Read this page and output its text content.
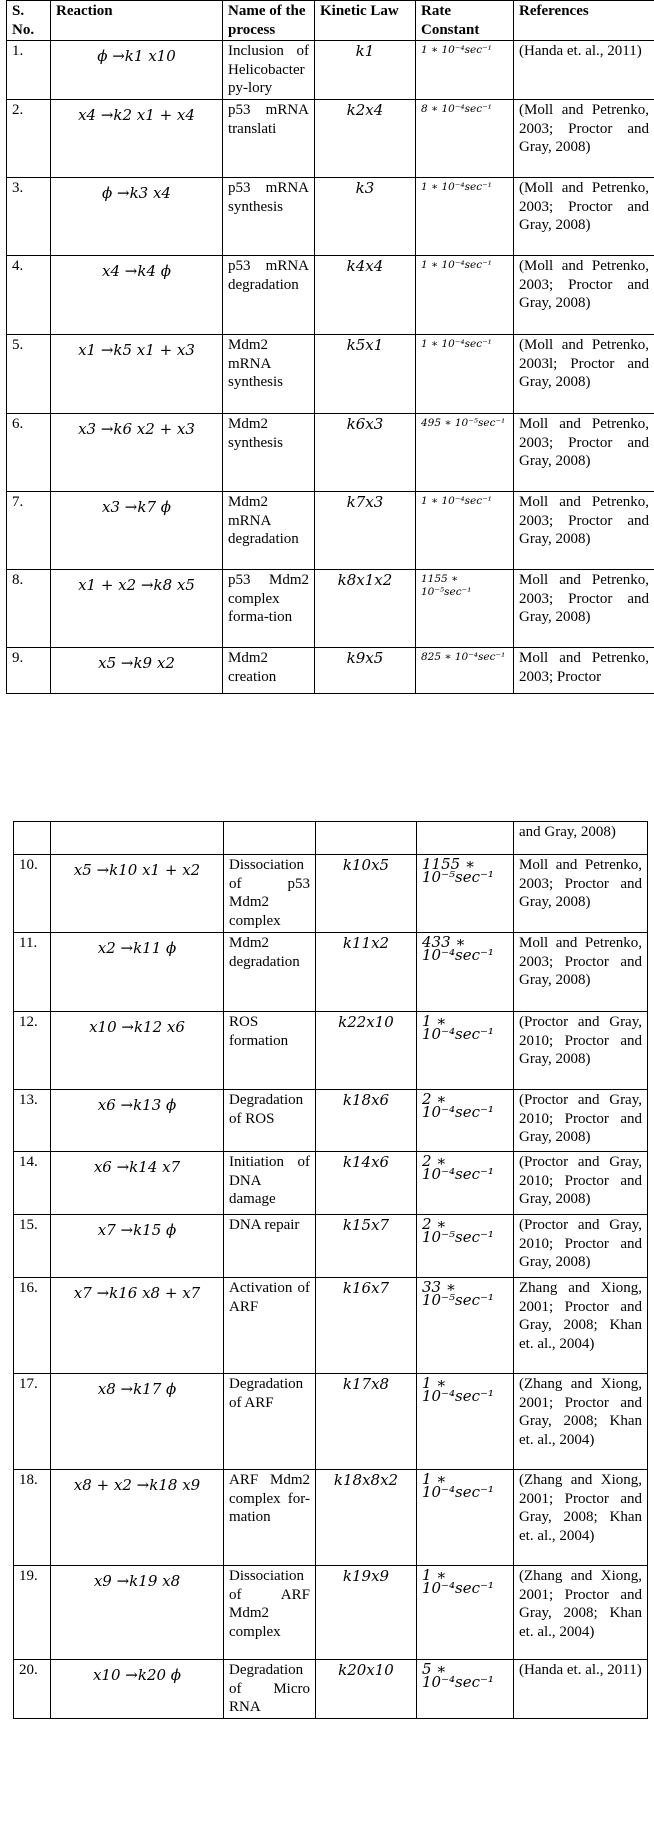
S. No.	Reaction	Name of the process	Kinetic Law	Rate Constant	References
1.	ϕ →k1 x10	Inclusion of Helicobacter py-lory	k1	1 ∗ 10⁻⁴sec⁻¹	(Handa et. al., 2011)
2.	x4 →k2 x1 + x4	p53 mRNA translati	k2x4	8 ∗ 10⁻⁴sec⁻¹	(Moll and Petrenko, 2003; Proctor and Gray, 2008)
3.	ϕ →k3 x4	p53 mRNA synthesis	k3	1 ∗ 10⁻⁴sec⁻¹	(Moll and Petrenko, 2003; Proctor and Gray, 2008)
4.	x4 →k4 ϕ	p53 mRNA degradation	k4x4	1 ∗ 10⁻⁴sec⁻¹	(Moll and Petrenko, 2003; Proctor and Gray, 2008)
5.	x1 →k5 x1 + x3	Mdm2 mRNA synthesis	k5x1	1 ∗ 10⁻⁴sec⁻¹	(Moll and Petrenko, 2003l; Proctor and Gray, 2008)
6.	x3 →k6 x2 + x3	Mdm2 synthesis	k6x3	495 ∗ 10⁻⁵sec⁻¹	Moll and Petrenko, 2003; Proctor and Gray, 2008)
7.	x3 →k7 ϕ	Mdm2 mRNA degradation	k7x3	1 ∗ 10⁻⁴sec⁻¹	Moll and Petrenko, 2003; Proctor and Gray, 2008)
8.	x1 + x2 →k8 x5	p53 Mdm2 complex forma-tion	k8x1x2	1155 ∗ 10⁻⁵sec⁻¹	Moll and Petrenko, 2003; Proctor and Gray, 2008)
9.	x5 →k9 x2	Mdm2 creation	k9x5	825 ∗ 10⁻⁴sec⁻¹	Moll and Petrenko, 2003; Proctor
					and Gray, 2008)
10.	x5 →k10 x1 + x2	Dissociation of p53 Mdm2 complex	k10x5	1155 ∗ 10⁻⁵sec⁻¹	Moll and Petrenko, 2003; Proctor and Gray, 2008)
11.	x2 →k11 ϕ	Mdm2 degradation	k11x2	433 ∗ 10⁻⁴sec⁻¹	Moll and Petrenko, 2003; Proctor and Gray, 2008)
12.	x10 →k12 x6	ROS formation	k22x10	1 ∗ 10⁻⁴sec⁻¹	(Proctor and Gray, 2010; Proctor and Gray, 2008)
13.	x6 →k13 ϕ	Degradation of ROS	k18x6	2 ∗ 10⁻⁴sec⁻¹	(Proctor and Gray, 2010; Proctor and Gray, 2008)
14.	x6 →k14 x7	Initiation of DNA damage	k14x6	2 ∗ 10⁻⁴sec⁻¹	(Proctor and Gray, 2010; Proctor and Gray, 2008)
15.	x7 →k15 ϕ	DNA repair	k15x7	2 ∗ 10⁻⁵sec⁻¹	(Proctor and Gray, 2010; Proctor and Gray, 2008)
16.	x7 →k16 x8 + x7	Activation of ARF	k16x7	33 ∗ 10⁻⁵sec⁻¹	Zhang and Xiong, 2001; Proctor and Gray, 2008; Khan et. al., 2004)
17.	x8 →k17 ϕ	Degradation of ARF	k17x8	1 ∗ 10⁻⁴sec⁻¹	(Zhang and Xiong, 2001; Proctor and Gray, 2008; Khan et. al., 2004)
18.	x8 + x2 →k18 x9	ARF Mdm2 complex for-mation	k18x8x2	1 ∗ 10⁻⁴sec⁻¹	(Zhang and Xiong, 2001; Proctor and Gray, 2008; Khan et. al., 2004)
19.	x9 →k19 x8	Dissociation of ARF Mdm2 complex	k19x9	1 ∗ 10⁻⁴sec⁻¹	(Zhang and Xiong, 2001; Proctor and Gray, 2008; Khan et. al., 2004)
20.	x10 →k20 ϕ	Degradation of Micro RNA	k20x10	5 ∗ 10⁻⁴sec⁻¹	(Handa et. al., 2011)
